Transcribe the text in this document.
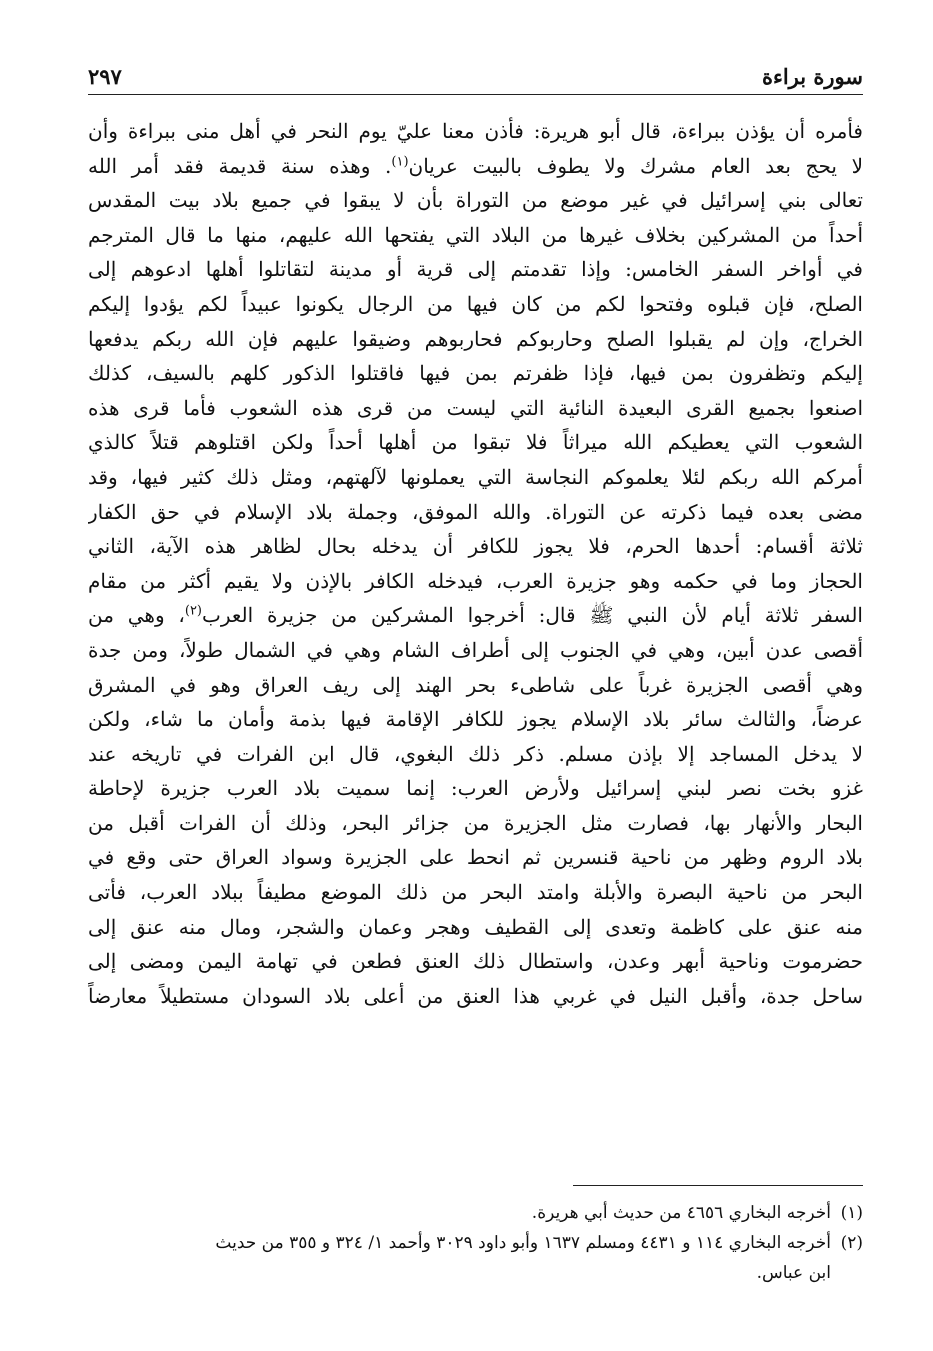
سورة براءة
٢٩٧
فأمره أن يؤذن ببراءة، قال أبو هريرة: فأذن معنا عليّ يوم النحر في أهل منى ببراءة وأن
لا يحج بعد العام مشرك ولا يطوف بالبيت عريان$^{(١)}$. وهذه سنة قديمة فقد أمر الله
تعالى بني إسرائيل في غير موضع من التوراة بأن لا يبقوا في جميع بلاد بيت المقدس
أحداً من المشركين بخلاف غيرها من البلاد التي يفتحها الله عليهم، منها ما قال المترجم
في أواخر السفر الخامس: وإذا تقدمتم إلى قرية أو مدينة لتقاتلوا أهلها ادعوهم إلى
الصلح، فإن قبلوه وفتحوا لكم من كان فيها من الرجال يكونوا عبيداً لكم يؤدوا إليكم
الخراج، وإن لم يقبلوا الصلح وحاربوكم فحاربوهم وضيقوا عليهم فإن الله ربكم يدفعها
إليكم وتظفرون بمن فيها، فإذا ظفرتم بمن فيها فاقتلوا الذكور كلهم بالسيف، كذلك
اصنعوا بجميع القرى البعيدة النائية التي ليست من قرى هذه الشعوب فأما قرى هذه
الشعوب التي يعطيكم الله ميراثاً فلا تبقوا من أهلها أحداً ولكن اقتلوهم قتلاً كالذي
أمركم الله ربكم لئلا يعلموكم النجاسة التي يعملونها لآلهتهم، ومثل ذلك كثير فيها، وقد
مضى بعده فيما ذكرته عن التوراة. والله الموفق، وجملة بلاد الإسلام في حق الكفار
ثلاثة أقسام: أحدها الحرم، فلا يجوز للكافر أن يدخله بحال لظاهر هذه الآية، الثاني
الحجاز وما في حكمه وهو جزيرة العرب، فيدخله الكافر بالإذن ولا يقيم أكثر من مقام
السفر ثلاثة أيام لأن النبي ﷺ قال: أخرجوا المشركين من جزيرة العرب$^{(٢)}$، وهي من
أقصى عدن أبين، وهي في الجنوب إلى أطراف الشام وهي في الشمال طولاً، ومن جدة
وهي أقصى الجزيرة غرباً على شاطىء بحر الهند إلى ريف العراق وهو في المشرق
عرضاً، والثالث سائر بلاد الإسلام يجوز للكافر الإقامة فيها بذمة وأمان ما شاء، ولكن
لا يدخل المساجد إلا بإذن مسلم. ذكر ذلك البغوي، قال ابن الفرات في تاريخه عند
غزو بخت نصر لبني إسرائيل ولأرض العرب: إنما سميت بلاد العرب جزيرة لإحاطة
البحار والأنهار بها، فصارت مثل الجزيرة من جزائر البحر، وذلك أن الفرات أقبل من
بلاد الروم وظهر من ناحية قنسرين ثم انحط على الجزيرة وسواد العراق حتى وقع في
البحر من ناحية البصرة والأبلة وامتد البحر من ذلك الموضع مطيفاً ببلاد العرب، فأتى
منه عنق على كاظمة وتعدى إلى القطيف وهجر وعمان والشجر، ومال منه عنق إلى
حضرموت وناحية أبهر وعدن، واستطال ذلك العنق فطعن في تهامة اليمن ومضى إلى
ساحل جدة، وأقبل النيل في غربي هذا العنق من أعلى بلاد السودان مستطيلاً معارضاً
(١)
أخرجه البخاري ٤٦٥٦ من حديث أبي هريرة.
(٢)
أخرجه البخاري ١١٤ و ٤٤٣١ ومسلم ١٦٣٧ وأبو داود ٣٠٢٩ وأحمد ١/ ٣٢٤ و ٣٥٥ من حديث
ابن عباس.
